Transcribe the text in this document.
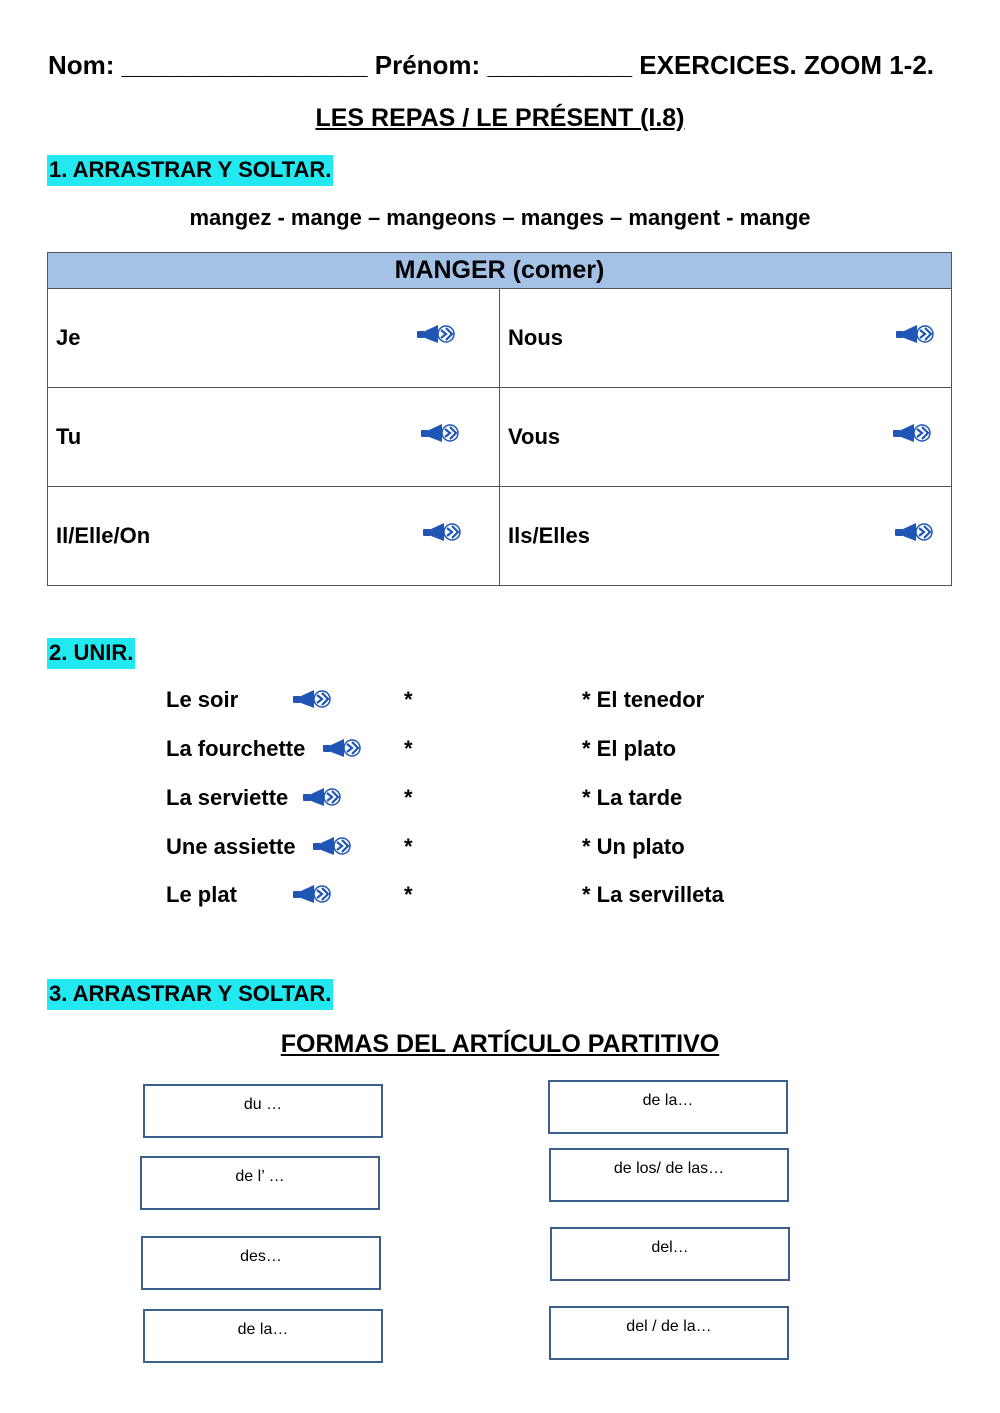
Nom: _________________ Prénom: __________ EXERCICES. ZOOM 1-2.
LES REPAS / LE PRÉSENT (I.8)
1. ARRASTRAR Y SOLTAR.
mangez - mange – mangeons – manges – mangent - mange
MANGER (comer)	
Je	Nous

Tu	Vous

Il/Elle/On	Ils/Elles
2. UNIR.
Le soir	*	* El tenedor
La fourchette	*	* El plato
La serviette	*	* La tarde
Une assiette	*	* Un plato
Le plat	*	* La servilleta
3. ARRASTRAR Y SOLTAR.
FORMAS DEL ARTÍCULO PARTITIVO
du …
de l’ …
des…
de la…
de la…
de los/ de las…
del…
del / de la…
